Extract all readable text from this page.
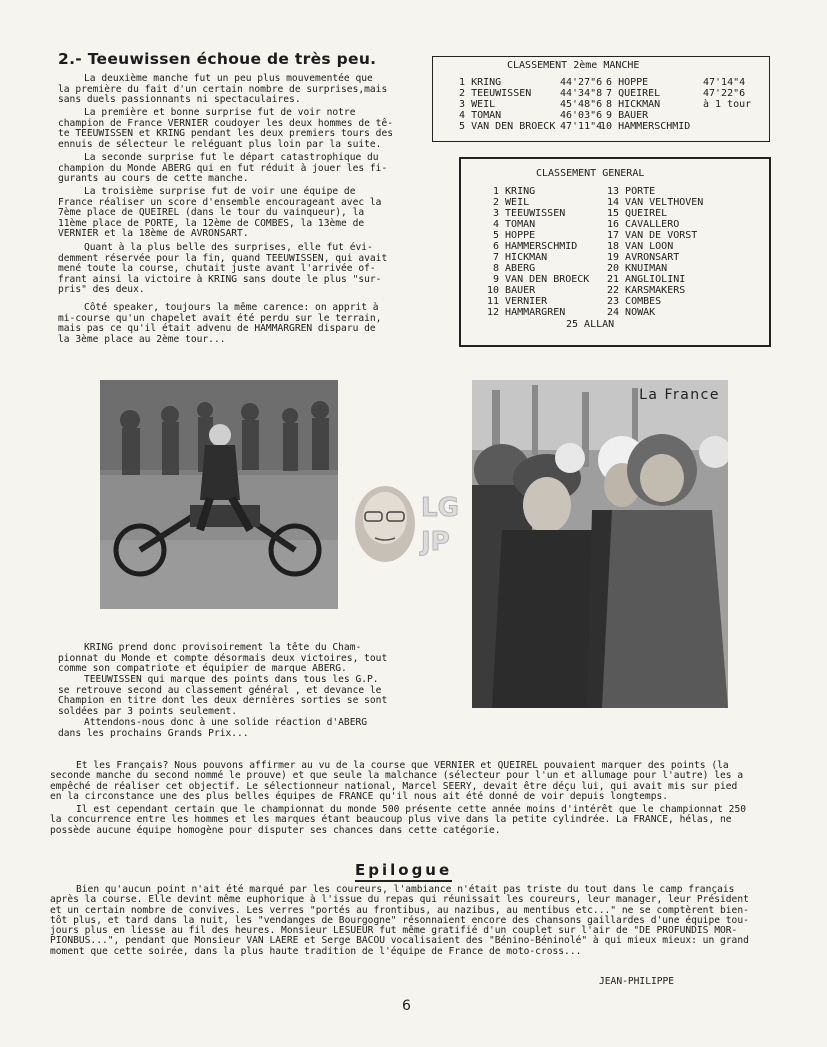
2.- Teeuwissen échoue de très peu.
La deuxième manche fut un peu plus mouvementée que
la première du fait d'un certain nombre de surprises,mais
sans duels passionnants ni spectaculaires.
La première et bonne surprise fut de voir notre
champion de France VERNIER coudoyer les deux hommes de tê-
te TEEUWISSEN et KRING pendant les deux premiers tours des
ennuis de sélecteur le reléguant plus loin par la suite.
La seconde surprise fut le départ catastrophique du
champion du Monde ABERG qui en fut réduit à jouer les fi-
gurants au cours de cette manche.
La troisième surprise fut de voir une équipe de
France réaliser un score d'ensemble encourageant avec la
7ème place de QUEIREL (dans le tour du vainqueur), la
11ème place de PORTE, la 12ème de COMBES, la 13ème de
VERNIER et la 18ème de AVRONSART.
Quant à la plus belle des surprises, elle fut évi-
demment réservée pour la fin, quand TEEUWISSEN, qui avait
mené toute la course, chutait juste avant l'arrivée of-
frant ainsi la victoire à KRING sans doute le plus "sur-
pris" des deux.
Côté speaker, toujours la même carence: on apprit à
mi-course qu'un chapelet avait été perdu sur le terrain,
mais pas ce qu'il était advenu de HAMMARGREN disparu de
la 3ème place au 2ème tour...
CLASSEMENT 2ème MANCHE
1 KRING
2 TEEUWISSEN
3 WEIL
4 TOMAN
5 VAN DEN BROECK
44'27"6
44'34"8
45'48"6
46'03"6
47'11"4
6 HOPPE
7 QUEIREL
8 HICKMAN
9 BAUER
10 HAMMERSCHMID
47'14"4
47'22"6
à 1 tour
CLASSEMENT GENERAL
1 KRING
2 WEIL
3 TEEUWISSEN
4 TOMAN
5 HOPPE
6 HAMMERSCHMID
7 HICKMAN
8 ABERG
9 VAN DEN BROECK
10 BAUER
11 VERNIER
12 HAMMARGREN
13 PORTE
14 VAN VELTHOVEN
15 QUEIREL
16 CAVALLERO
17 VAN DE VORST
18 VAN LOON
19 AVRONSART
20 KNUIMAN
21 ANGLIOLINI
22 KARSMAKERS
23 COMBES
24 NOWAK
25 ALLAN
LG
JP
La France
KRING prend donc provisoirement la tête du Cham-
pionnat du Monde et compte désormais deux victoires, tout
comme son compatriote et équipier de marque ABERG.
TEEUWISSEN qui marque des points dans tous les G.P.
se retrouve second au classement général , et devance le
Champion en titre dont les deux dernières sorties se sont
soldées par 3 points seulement.
Attendons-nous donc à une solide réaction d'ABERG
dans les prochains Grands Prix...
Et les Français? Nous pouvons affirmer au vu de la course que VERNIER et QUEIREL pouvaient marquer des points (la
seconde manche du second nommé le prouve) et que seule la malchance (sélecteur pour l'un et allumage pour l'autre) les a
empêché de réaliser cet objectif. Le sélectionneur national, Marcel SEERY, devait être déçu lui, qui avait mis sur pied
en la circonstance une des plus belles équipes de FRANCE qu'il nous ait été donné de voir depuis longtemps.
Il est cependant certain que le championnat du monde 500 présente cette année moins d'intérêt que le championnat 250
la concurrence entre les hommes et les marques étant beaucoup plus vive dans la petite cylindrée. La FRANCE, hélas, ne
possède aucune équipe homogène pour disputer ses chances dans cette catégorie.
Epilogue
Bien qu'aucun point n'ait été marqué par les coureurs, l'ambiance n'était pas triste du tout dans le camp français
après la course. Elle devint même euphorique à l'issue du repas qui réunissait les coureurs, leur manager, leur Président
et un certain nombre de convives. Les verres "portés au frontibus, au nazibus, au mentibus etc..." ne se comptèrent bien-
tôt plus, et tard dans la nuit, les "vendanges de Bourgogne" résonnaient encore des chansons gaillardes d'une équipe tou-
jours plus en liesse au fil des heures. Monsieur LESUEUR fut même gratifié d'un couplet sur l'air de "DE PROFUNDIS MOR-
PIONBUS...", pendant que Monsieur VAN LAERE et Serge BACOU vocalisaient des "Bénino-Béninolé" à qui mieux mieux: un grand
moment que cette soirée, dans la plus haute tradition de l'équipe de France de moto-cross...
JEAN-PHILIPPE
6
